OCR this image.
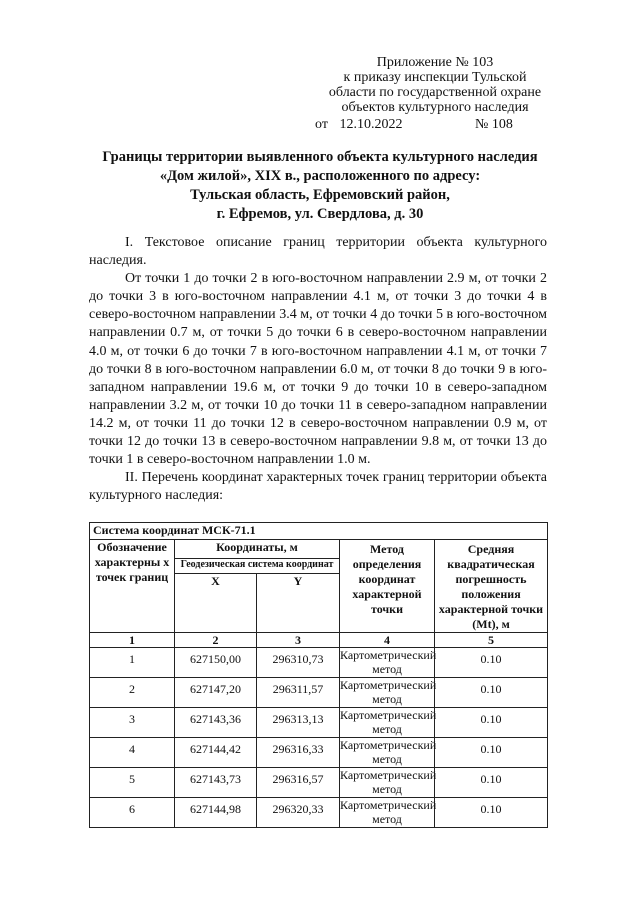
Приложение № 103
к приказу инспекции Тульской
области по государственной охране
объектов культурного наследия
от 12.10.2022	№ 108
Границы территории выявленного объекта культурного наследия
«Дом жилой», XIX в., расположенного по адресу:
Тульская область, Ефремовский район,
г. Ефремов, ул. Свердлова, д. 30

I. Текстовое описание границ территории объекта культурного наследия.

От точки 1 до точки 2 в юго-восточном направлении 2.9 м, от точки 2 до точки 3 в юго-восточном направлении 4.1 м, от точки 3 до точки 4 в северо-восточном направлении 3.4 м, от точки 4 до точки 5 в юго-восточном направлении 0.7 м, от точки 5 до точки 6 в северо-восточном направлении 4.0 м, от точки 6 до точки 7 в юго-восточном направлении 4.1 м, от точки 7 до точки 8 в юго-восточном направлении 6.0 м, от точки 8 до точки 9 в юго-западном направлении 19.6 м, от точки 9 до точки 10 в северо-западном направлении 3.2 м, от точки 10 до точки 11 в северо-западном направлении 14.2 м, от точки 11 до точки 12 в северо-восточном направлении 0.9 м, от точки 12 до точки 13 в северо-восточном направлении 9.8 м, от точки 13 до точки 1 в северо-восточном направлении 1.0 м.

II. Перечень координат характерных точек границ территории объекта культурного наследия:

Система координат МСК-71.1				
Обозначение характерны х точек границ	Координаты, м		Метод определения координат характерной точки	Средняя квадратическая погрешность положения характерной точки (Mt), м
	Геодезическая система координат			
	X	Y		
1	2	3	4	5
1	627150,00	296310,73	Картометрический метод	0.10
2	627147,20	296311,57	Картометрический метод	0.10
3	627143,36	296313,13	Картометрический метод	0.10
4	627144,42	296316,33	Картометрический метод	0.10
5	627143,73	296316,57	Картометрический метод	0.10
6	627144,98	296320,33	Картометрический метод	0.10
